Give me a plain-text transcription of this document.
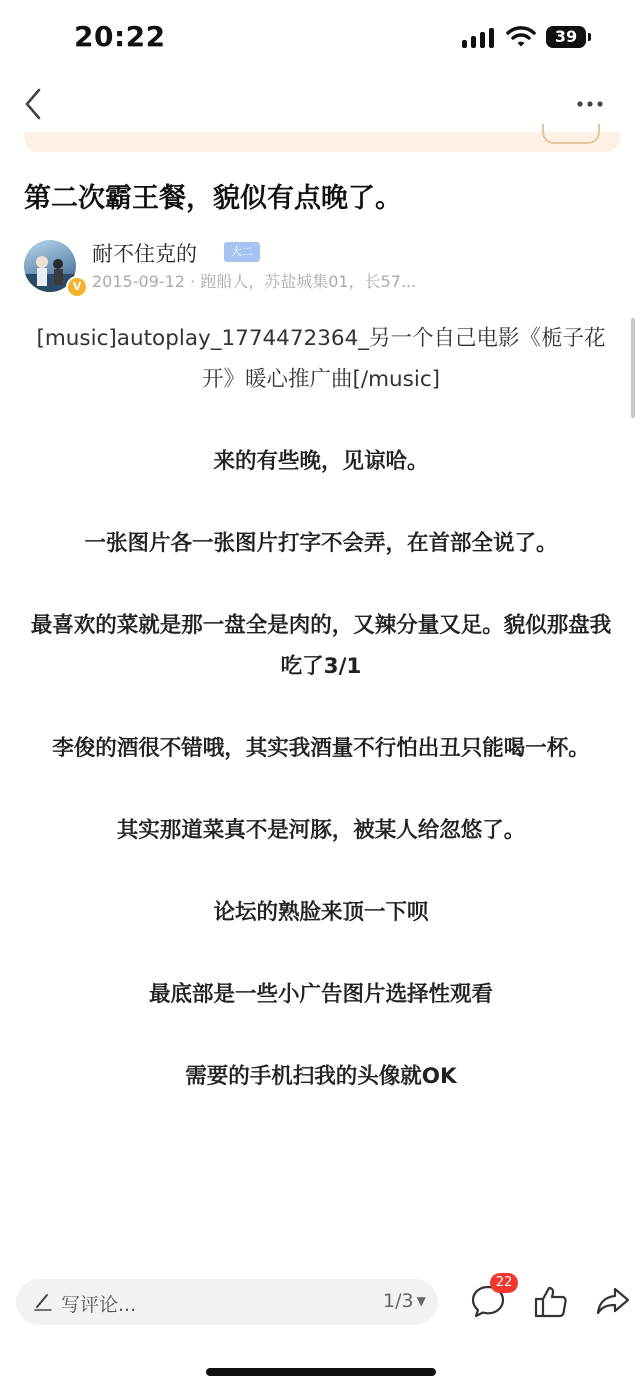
20:22	39
第二次霸王餐，貌似有点晚了。
V
耐不住克的	大二
2015-09-12 · 跑船人，苏盐城集01，长57...

[music]autoplay_1774472364_另一个自己电影《栀子花开》暖心推广曲[/music]

来的有些晚，见谅哈。

一张图片各一张图片打字不会弄，在首部全说了。

最喜欢的菜就是那一盘全是肉的，又辣分量又足。貌似那盘我吃了3/1

李俊的酒很不错哦，其实我酒量不行怕出丑只能喝一杯。

其实那道菜真不是河豚，被某人给忽悠了。

论坛的熟脸来顶一下呗

最底部是一些小广告图片选择性观看

需要的手机扫我的头像就OK

写评论...	1/3 ▼
22
